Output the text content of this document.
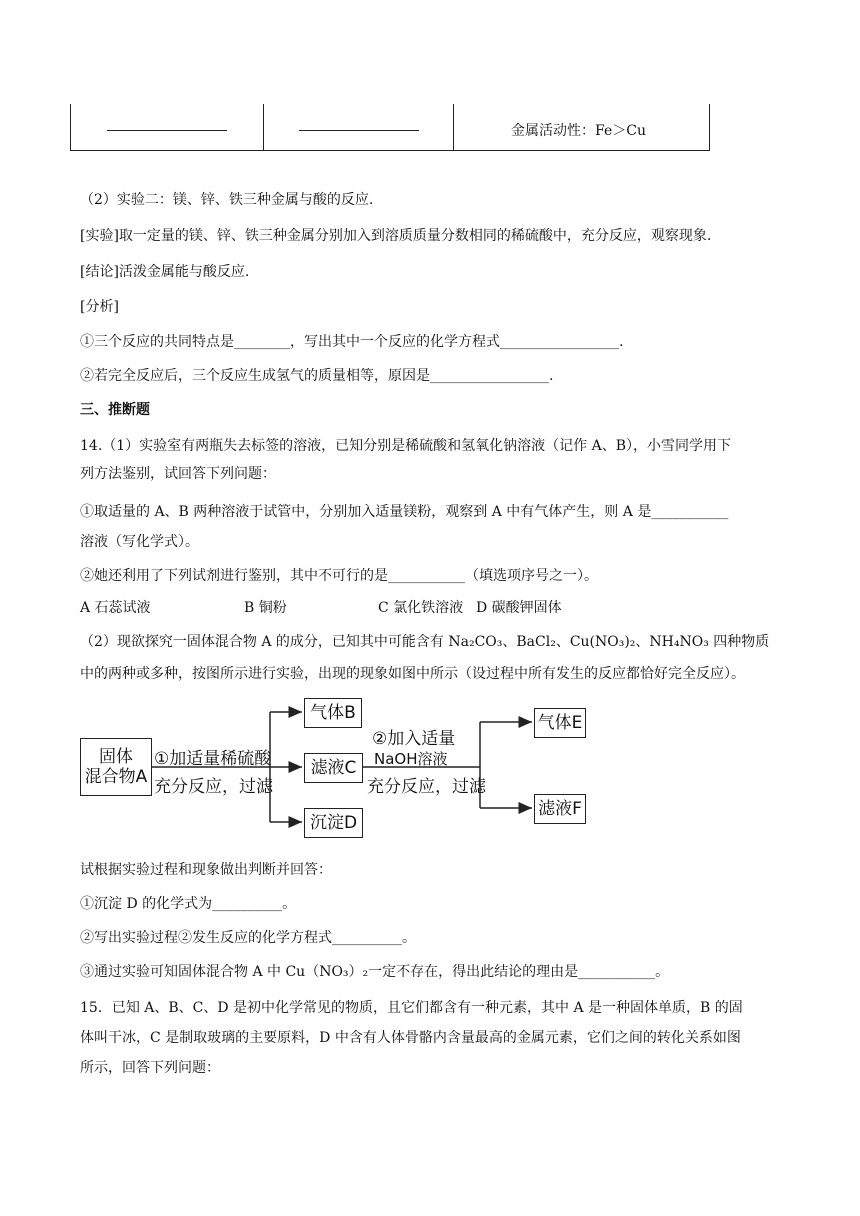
金属活动性：Fe＞Cu
（2）实验二：镁、锌、铁三种金属与酸的反应.
[实验]取一定量的镁、锌、铁三种金属分别加入到溶质质量分数相同的稀硫酸中，充分反应，观察现象.
[结论]活泼金属能与酸反应.
[分析]
①三个反应的共同特点是________，写出其中一个反应的化学方程式_________________.
②若完全反应后，三个反应生成氢气的质量相等，原因是_________________.
三、推断题
14.（1）实验室有两瓶失去标签的溶液，已知分别是稀硫酸和氢氧化钠溶液（记作 A、B），小雪同学用下
列方法鉴别，试回答下列问题：
①取适量的 A、B 两种溶液于试管中，分别加入适量镁粉，观察到 A 中有气体产生，则 A 是___________
溶液（写化学式）。
②她还利用了下列试剂进行鉴别，其中不可行的是___________（填选项序号之一）。
A 石蕊试液	B 铜粉	C 氯化铁溶液 D 碳酸钾固体
（2）现欲探究一固体混合物 A 的成分，已知其中可能含有 Na₂CO₃、BaCl₂、Cu(NO₃)₂、NH₄NO₃ 四种物质
中的两种或多种，按图所示进行实验，出现的现象如图中所示（设过程中所有发生的反应都恰好完全反应）。
固体
混合物A
①加适量稀硫酸
充分反应，过滤
气体B
滤液C
沉淀D
②加入适量
NaOH溶液
充分反应，过滤
气体E
滤液F
试根据实验过程和现象做出判断并回答：
①沉淀 D 的化学式为__________。
②写出实验过程②发生反应的化学方程式__________。
③通过实验可知固体混合物 A 中 Cu（NO₃）₂一定不存在，得出此结论的理由是___________。
15．已知 A、B、C、D 是初中化学常见的物质，且它们都含有一种元素，其中 A 是一种固体单质，B 的固
体叫干冰，C 是制取玻璃的主要原料，D 中含有人体骨骼内含量最高的金属元素，它们之间的转化关系如图
所示，回答下列问题：
